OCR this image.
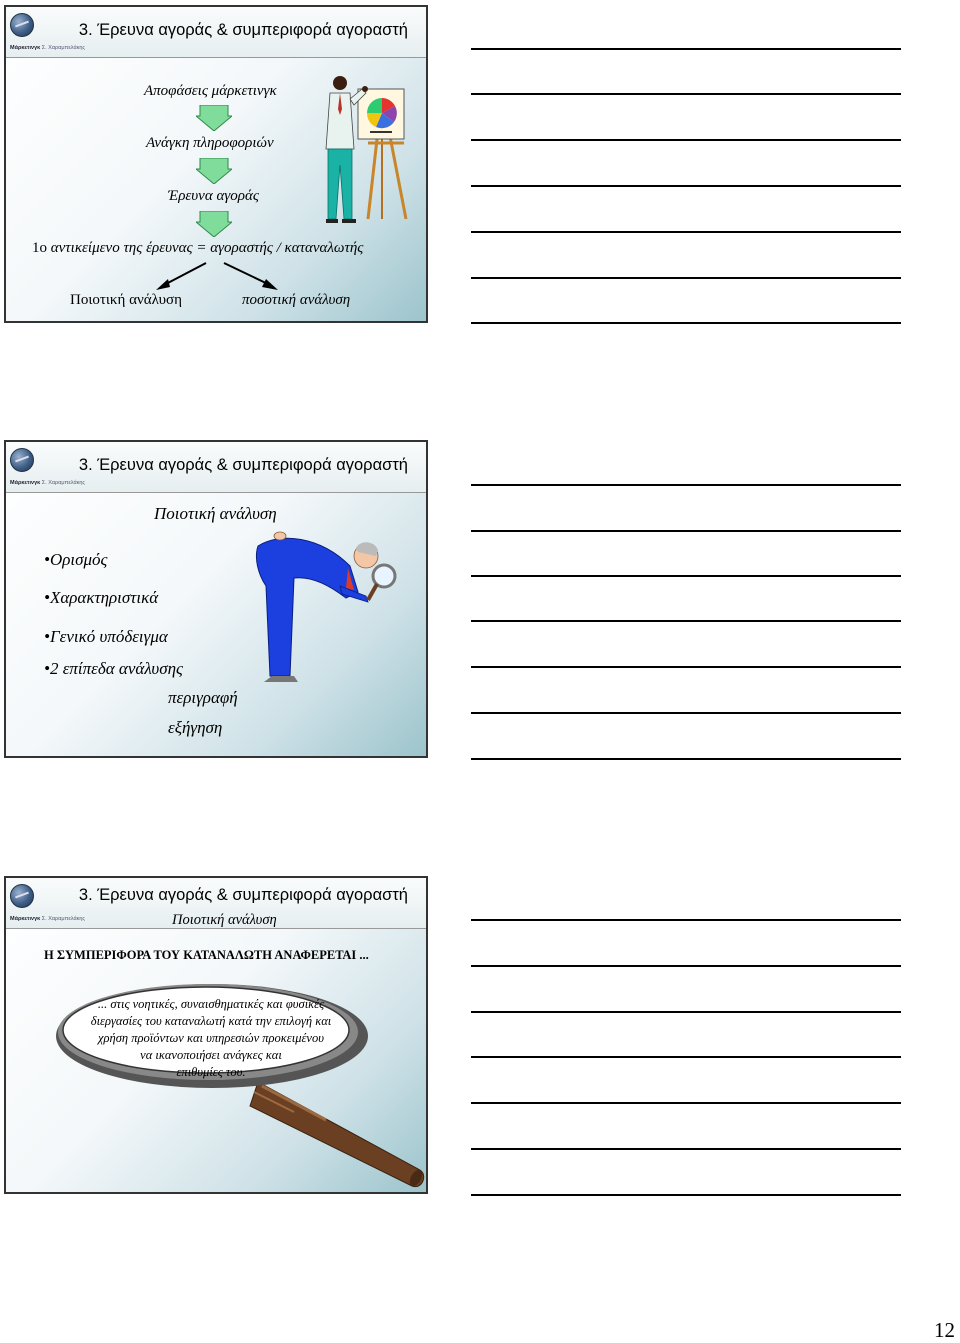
Μάρκετινγκ Σ. Χαραμπελάκης
3. Έρευνα αγοράς & συμπεριφορά αγοραστή
Αποφάσεις μάρκετινγκ
Ανάγκη πληροφοριών
Έρευνα αγοράς
1ο αντικείμενο της έρευνας = αγοραστής / καταναλωτής
Ποιοτική ανάλυση	ποσοτική ανάλυση
Μάρκετινγκ Σ. Χαραμπελάκης
3. Έρευνα αγοράς & συμπεριφορά αγοραστή
Ποιοτική ανάλυση
•Ορισμός
•Χαρακτηριστικά
•Γενικό υπόδειγμα
•2 επίπεδα ανάλυσης
περιγραφή
εξήγηση
Μάρκετινγκ Σ. Χαραμπελάκης
3. Έρευνα αγοράς & συμπεριφορά αγοραστή
Ποιοτική ανάλυση
Η ΣΥΜΠΕΡΙΦΟΡΑ ΤΟΥ ΚΑΤΑΝΑΛΩΤΗ ΑΝΑΦΕΡΕΤΑΙ ...
... στις νοητικές, συναισθηματικές και φυσικές
διεργασίες του καταναλωτή κατά την επιλογή και
χρήση προϊόντων και υπηρεσιών προκειμένου
να ικανοποιήσει ανάγκες και
επιθυμίες του.
12
